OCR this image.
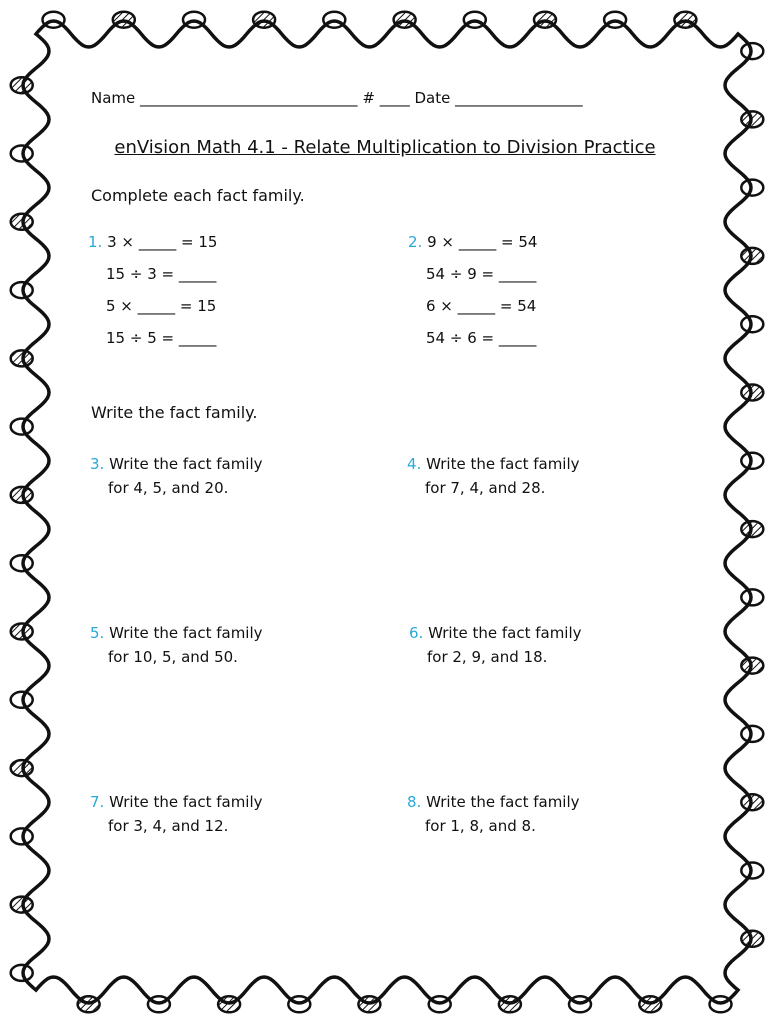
Name _____________________________ # ____ Date _________________
enVision Math 4.1 - Relate Multiplication to Division Practice
Complete each fact family.
1. 3 × _____ = 15
15 ÷ 3 = _____
5 × _____ = 15
15 ÷ 5 = _____
2. 9 × _____ = 54
54 ÷ 9 = _____
6 × _____ = 54
54 ÷ 6 = _____
Write the fact family.
3. Write the fact family
for 4, 5, and 20.
4. Write the fact family
for 7, 4, and 28.
5. Write the fact family
for 10, 5, and 50.
6. Write the fact family
for 2, 9, and 18.
7. Write the fact family
for 3, 4, and 12.
8. Write the fact family
for 1, 8, and 8.
